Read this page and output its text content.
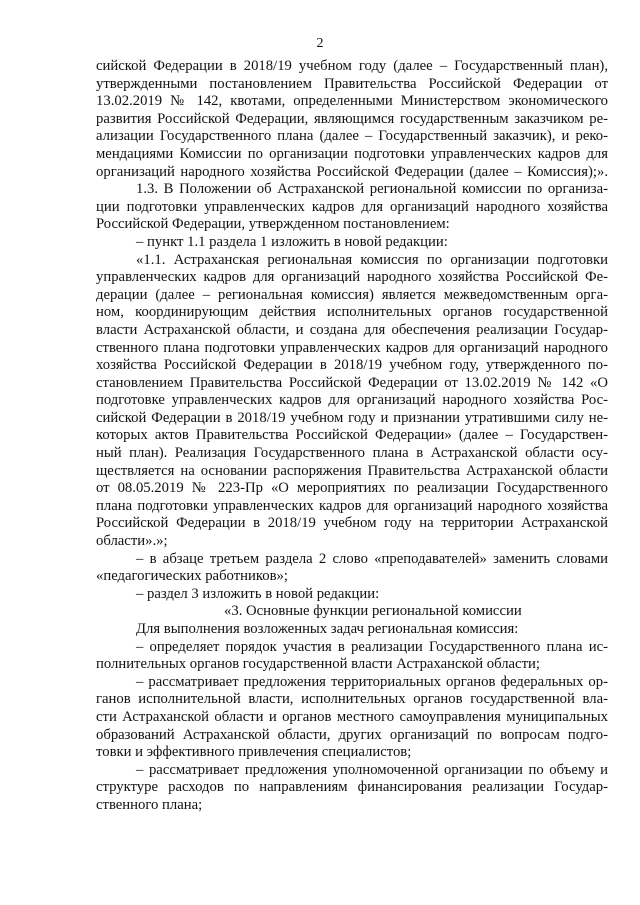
2
сийской Федерации в 2018/19 учебном году (далее – Государственный план),
утвержденными постановлением Правительства Российской Федерации от
13.02.2019 № 142, квотами, определенными Министерством экономического
развития Российской Федерации, являющимся государственным заказчиком ре-
ализации Государственного плана (далее – Государственный заказчик), и реко-
мендациями Комиссии по организации подготовки управленческих кадров для
организаций народного хозяйства Российской Федерации (далее – Комиссия);».
1.3. В Положении об Астраханской региональной комиссии по организа-
ции подготовки управленческих кадров для организаций народного хозяйства
Российской Федерации, утвержденном постановлением:
– пункт 1.1 раздела 1 изложить в новой редакции:
«1.1. Астраханская региональная комиссия по организации подготовки
управленческих кадров для организаций народного хозяйства Российской Фе-
дерации (далее – региональная комиссия) является межведомственным орга-
ном, координирующим действия исполнительных органов государственной
власти Астраханской области, и создана для обеспечения реализации Государ-
ственного плана подготовки управленческих кадров для организаций народного
хозяйства Российской Федерации в 2018/19 учебном году, утвержденного по-
становлением Правительства Российской Федерации от 13.02.2019 № 142 «О
подготовке управленческих кадров для организаций народного хозяйства Рос-
сийской Федерации в 2018/19 учебном году и признании утратившими силу не-
которых актов Правительства Российской Федерации» (далее – Государствен-
ный план). Реализация Государственного плана в Астраханской области осу-
ществляется на основании распоряжения Правительства Астраханской области
от 08.05.2019 № 223-Пр «О мероприятиях по реализации Государственного
плана подготовки управленческих кадров для организаций народного хозяйства
Российской Федерации в 2018/19 учебном году на территории Астраханской
области».»;
– в абзаце третьем раздела 2 слово «преподавателей» заменить словами
«педагогических работников»;
– раздел 3 изложить в новой редакции:
«3. Основные функции региональной комиссии
Для выполнения возложенных задач региональная комиссия:
– определяет порядок участия в реализации Государственного плана ис-
полнительных органов государственной власти Астраханской области;
– рассматривает предложения территориальных органов федеральных ор-
ганов исполнительной власти, исполнительных органов государственной вла-
сти Астраханской области и органов местного самоуправления муниципальных
образований Астраханской области, других организаций по вопросам подго-
товки и эффективного привлечения специалистов;
– рассматривает предложения уполномоченной организации по объему и
структуре расходов по направлениям финансирования реализации Государ-
ственного плана;
